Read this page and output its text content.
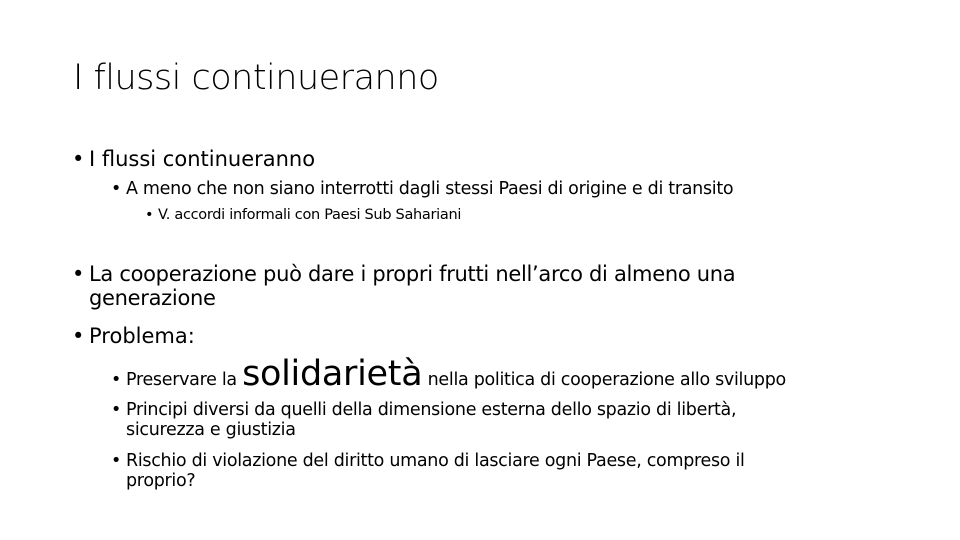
I flussi continueranno
• I flussi continueranno
• A meno che non siano interrotti dagli stessi Paesi di origine e di transito
• V. accordi informali con Paesi Sub Sahariani
• La cooperazione può dare i propri frutti nell’arco di almeno una
generazione
• Problema:
• Preservare la solidarietà nella politica di cooperazione allo sviluppo
• Principi diversi da quelli della dimensione esterna dello spazio di libertà,
sicurezza e giustizia
• Rischio di violazione del diritto umano di lasciare ogni Paese, compreso il
proprio?
